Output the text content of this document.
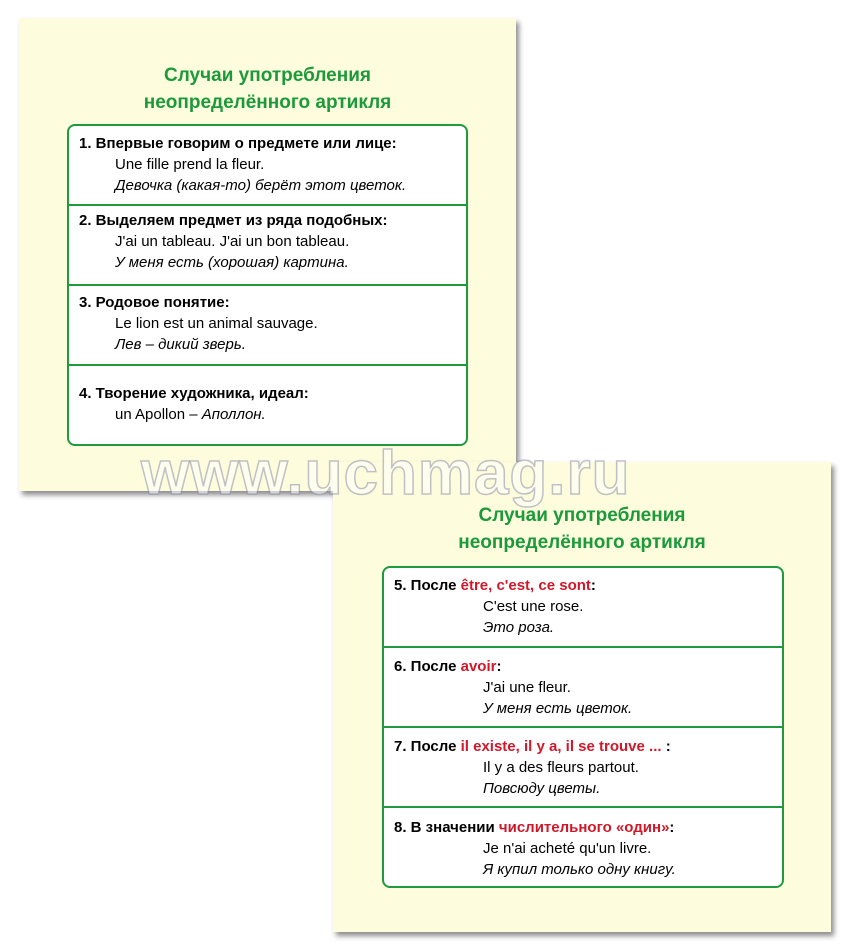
Случаи употребления
неопределённого артикля
1. Впервые говорим о предмете или лице:
Une fille prend la fleur.
Девочка (какая-то) берёт этот цветок.
2. Выделяем предмет из ряда подобных:
J'ai un tableau. J'ai un bon tableau.
У меня есть (хорошая) картина.
3. Родовое понятие:
Le lion est un animal sauvage.
Лев – дикий зверь.
4. Творение художника, идеал:
un Apollon – Аполлон.
Случаи употребления
неопределённого артикля
5. После être, c'est, ce sont:
C'est une rose.
Это роза.
6. После avoir:
J'ai une fleur.
У меня есть цветок.
7. После il existe, il y a, il se trouve ... :
Il y a des fleurs partout.
Повсюду цветы.
8. В значении числительного «один»:
Je n'ai acheté qu'un livre.
Я купил только одну книгу.
www.uchmag.ru
